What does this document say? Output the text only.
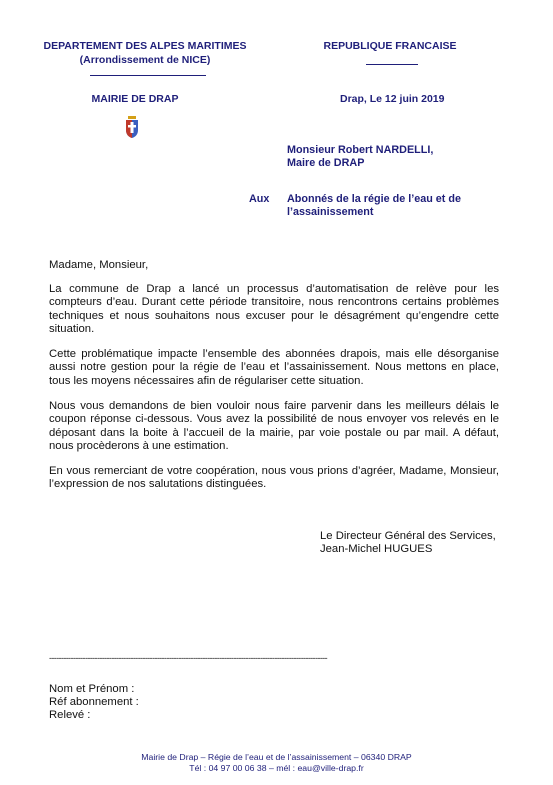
DEPARTEMENT DES ALPES MARITIMES
(Arrondissement de NICE)
REPUBLIQUE FRANCAISE
MAIRIE DE DRAP	Drap, Le 12 juin 2019
Monsieur Robert NARDELLI,
Maire de DRAP
Aux Abonnés de la régie de l’eau et de
l’assainissement
Madame, Monsieur,

La commune de Drap a lancé un processus d’automatisation de relève pour les compteurs d’eau. Durant cette période transitoire, nous rencontrons certains problèmes techniques et nous souhaitons nous excuser pour le désagrément qu’engendre cette situation.

Cette problématique impacte l’ensemble des abonnées drapois, mais elle désorganise aussi notre gestion pour la régie de l’eau et l’assainissement. Nous mettons en place, tous les moyens nécessaires afin de régulariser cette situation.

Nous vous demandons de bien vouloir nous faire parvenir dans les meilleurs délais le coupon réponse ci-dessous. Vous avez la possibilité de nous envoyer vos relevés en le déposant dans la boite à l’accueil de la mairie, par voie postale ou par mail. A défaut, nous procèderons à une estimation.

En vous remerciant de votre coopération, nous vous prions d’agréer, Madame, Monsieur, l’expression de nos salutations distinguées.

Le Directeur Général des Services,
Jean-Michel HUGUES
--------------------------------------------------------------------------------------------------------------------
Nom et Prénom :
Réf abonnement :
Relevé :
Mairie de Drap – Régie de l’eau et de l’assainissement – 06340 DRAP
Tél : 04 97 00 06 38 – mél : eau@ville-drap.fr
